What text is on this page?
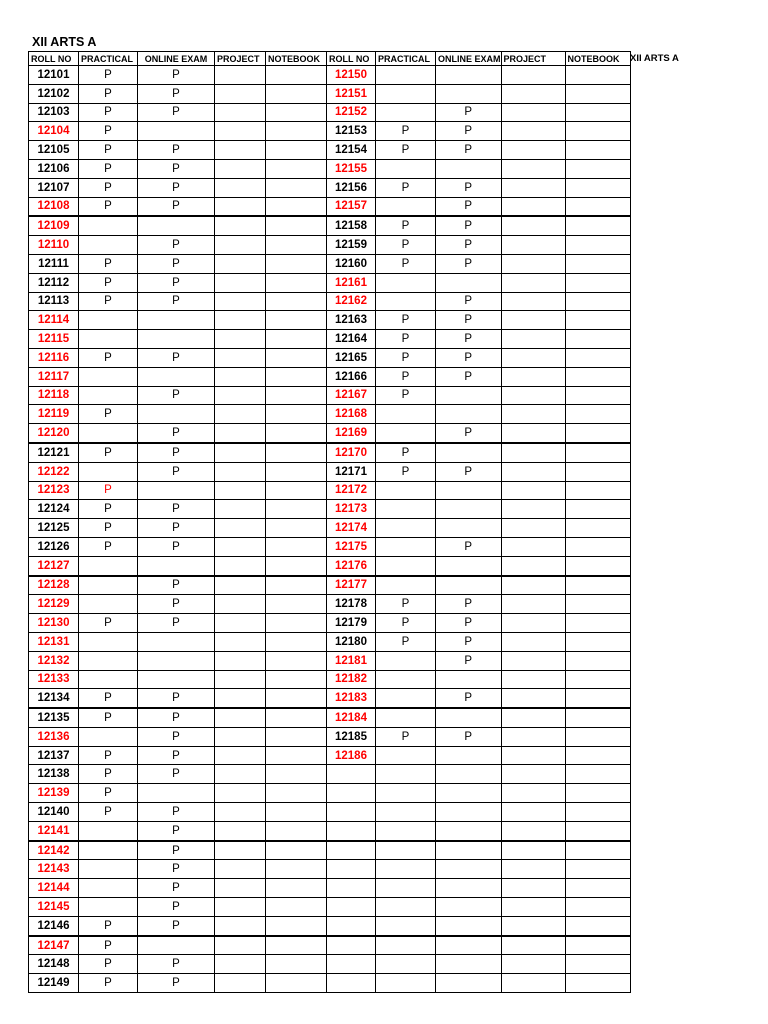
XII ARTS A
XII ARTS A
ROLL NO	PRACTICAL	ONLINE EXAM	PROJECT	NOTEBOOK	ROLL NO	PRACTICAL	ONLINE EXAM	PROJECT	NOTEBOOK
12101	P	P			12150				
12102	P	P			12151				
12103	P	P			12152		P		
12104	P				12153	P	P		
12105	P	P			12154	P	P		
12106	P	P			12155				
12107	P	P			12156	P	P		
12108	P	P			12157		P		
12109					12158	P	P		
12110		P			12159	P	P		
12111	P	P			12160	P	P		
12112	P	P			12161				
12113	P	P			12162		P		
12114					12163	P	P		
12115					12164	P	P		
12116	P	P			12165	P	P		
12117					12166	P	P		
12118		P			12167	P			
12119	P				12168				
12120		P			12169		P		
12121	P	P			12170	P			
12122		P			12171	P	P		
12123	P				12172				
12124	P	P			12173				
12125	P	P			12174				
12126	P	P			12175		P		
12127					12176				
12128		P			12177				
12129		P			12178	P	P		
12130	P	P			12179	P	P		
12131					12180	P	P		
12132					12181		P		
12133					12182				
12134	P	P			12183		P		
12135	P	P			12184				
12136		P			12185	P	P		
12137	P	P			12186				
12138	P	P							
12139	P								
12140	P	P							
12141		P							
12142		P							
12143		P							
12144		P							
12145		P							
12146	P	P							
12147	P								
12148	P	P							
12149	P	P							
